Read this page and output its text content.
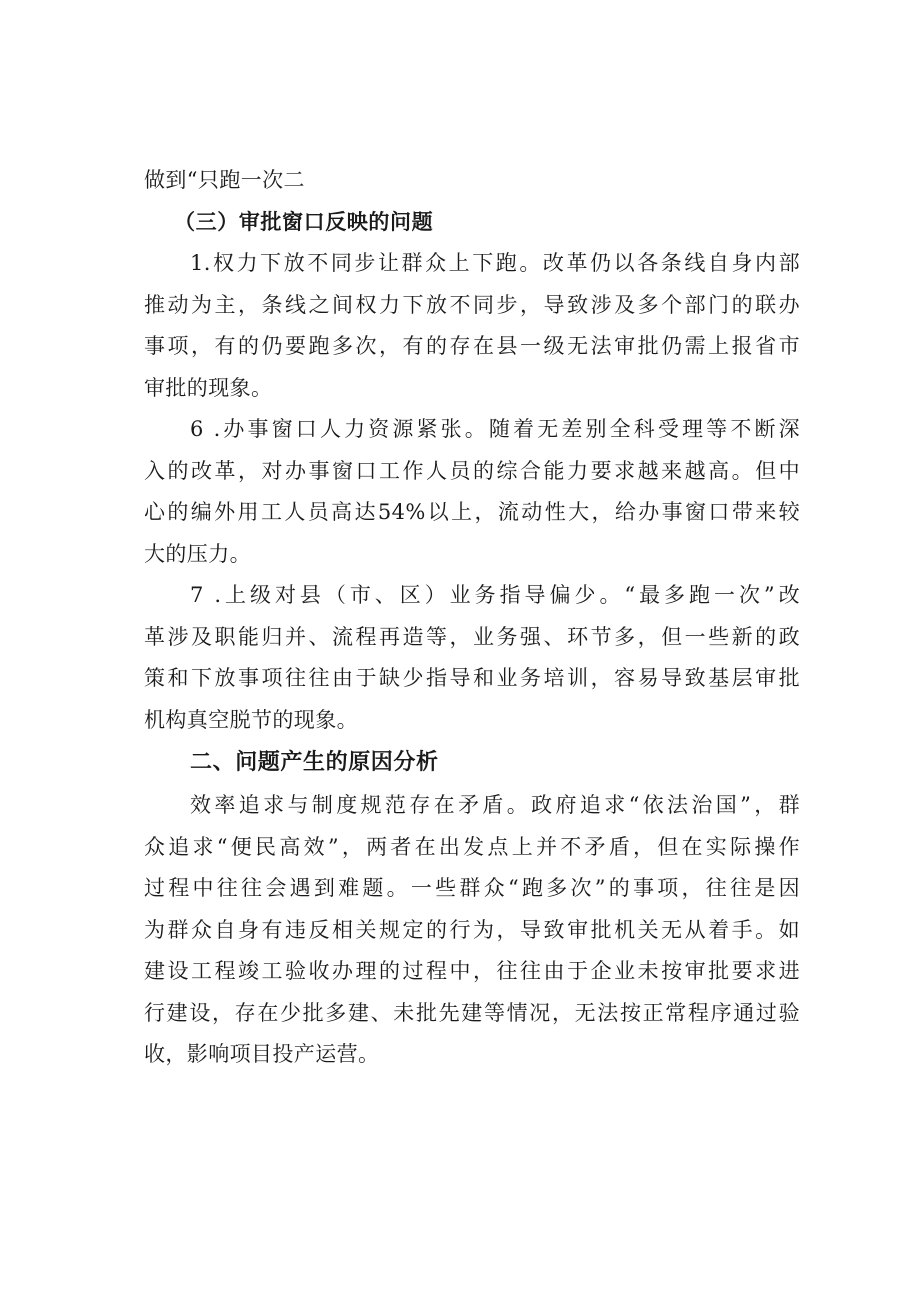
做到“只跑一次二
（三）审批窗口反映的问题
1.权力下放不同步让群众上下跑。改革仍以各条线自身内部
推动为主，条线之间权力下放不同步，导致涉及多个部门的联办
事项，有的仍要跑多次，有的存在县一级无法审批仍需上报省市
审批的现象。
6 .办事窗口人力资源紧张。随着无差别全科受理等不断深
入的改革，对办事窗口工作人员的综合能力要求越来越高。但中
心的编外用工人员高达54%以上，流动性大，给办事窗口带来较
大的压力。
7 .上级对县（市、区）业务指导偏少。“最多跑一次”改
革涉及职能归并、流程再造等，业务强、环节多，但一些新的政
策和下放事项往往由于缺少指导和业务培训，容易导致基层审批
机构真空脱节的现象。
二、问题产生的原因分析
效率追求与制度规范存在矛盾。政府追求“依法治国”，群
众追求“便民高效”，两者在出发点上并不矛盾，但在实际操作
过程中往往会遇到难题。一些群众“跑多次”的事项，往往是因
为群众自身有违反相关规定的行为，导致审批机关无从着手。如
建设工程竣工验收办理的过程中，往往由于企业未按审批要求进
行建设，存在少批多建、未批先建等情况，无法按正常程序通过验
收，影响项目投产运营。
